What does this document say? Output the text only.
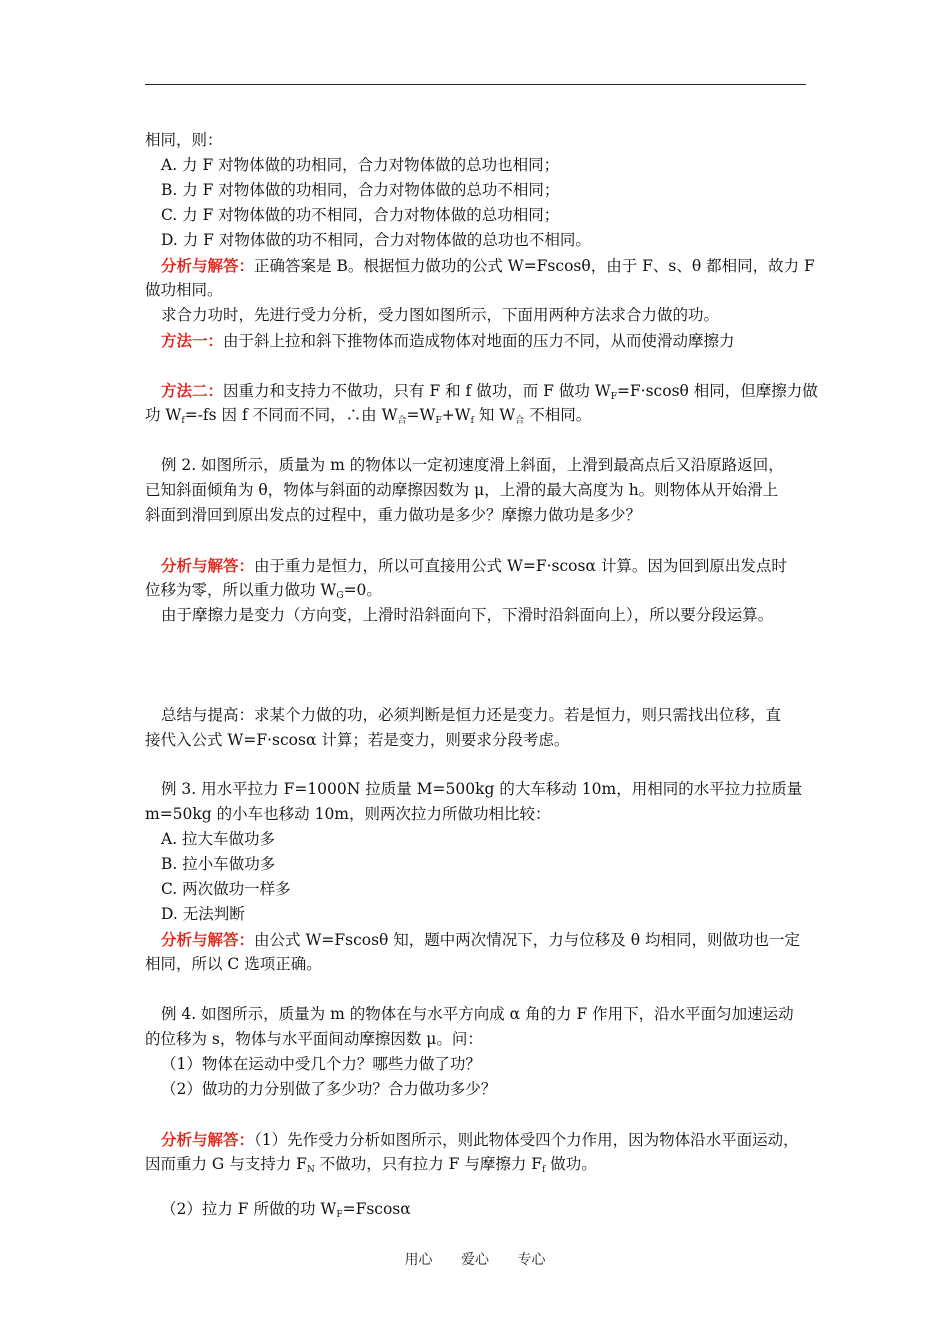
相同，则：
A. 力 F 对物体做的功相同，合力对物体做的总功也相同；
B. 力 F 对物体做的功相同，合力对物体做的总功不相同；
C. 力 F 对物体做的功不相同，合力对物体做的总功相同；
D. 力 F 对物体做的功不相同，合力对物体做的总功也不相同。
分析与解答：正确答案是 B。根据恒力做功的公式 W=Fscosθ，由于 F、s、θ 都相同，故力 F
做功相同。
求合力功时，先进行受力分析，受力图如图所示，下面用两种方法求合力做的功。
方法一：由于斜上拉和斜下推物体而造成物体对地面的压力不同，从而使滑动摩擦力
方法二：因重力和支持力不做功，只有 F 和 f 做功，而 F 做功 $W_F=F\cdot scos\theta$ 相同，但摩擦力做
功 $W_f=-fs$ 因 f 不同而不同，∴由 $W_合=W_F+W_f$ 知 $W_合$ 不相同。
例 2. 如图所示，质量为 m 的物体以一定初速度滑上斜面，上滑到最高点后又沿原路返回，
已知斜面倾角为 θ，物体与斜面的动摩擦因数为 μ，上滑的最大高度为 h。则物体从开始滑上
斜面到滑回到原出发点的过程中，重力做功是多少？摩擦力做功是多少？
分析与解答：由于重力是恒力，所以可直接用公式 W=F·scosα 计算。因为回到原出发点时
位移为零，所以重力做功 $W_G=0$。
由于摩擦力是变力（方向变，上滑时沿斜面向下，下滑时沿斜面向上），所以要分段运算。
总结与提高：求某个力做的功，必须判断是恒力还是变力。若是恒力，则只需找出位移，直
接代入公式 W=F·scosα 计算；若是变力，则要求分段考虑。
例 3. 用水平拉力 F=1000N 拉质量 M=500kg 的大车移动 10m，用相同的水平拉力拉质量
m=50kg 的小车也移动 10m，则两次拉力所做功相比较：
A. 拉大车做功多
B. 拉小车做功多
C. 两次做功一样多
D. 无法判断
分析与解答：由公式 W=Fscosθ 知，题中两次情况下，力与位移及 θ 均相同，则做功也一定
相同，所以 C 选项正确。
例 4. 如图所示，质量为 m 的物体在与水平方向成 α 角的力 F 作用下，沿水平面匀加速运动
的位移为 s，物体与水平面间动摩擦因数 μ。问：
（1）物体在运动中受几个力？哪些力做了功？
（2）做功的力分别做了多少功？合力做功多少？
分析与解答：（1）先作受力分析如图所示，则此物体受四个力作用，因为物体沿水平面运动，
因而重力 G 与支持力 $F_N$ 不做功，只有拉力 F 与摩擦力 $F_f$ 做功。
（2）拉力 F 所做的功 $W_F=Fscos\alpha$
用心 爱心 专心
